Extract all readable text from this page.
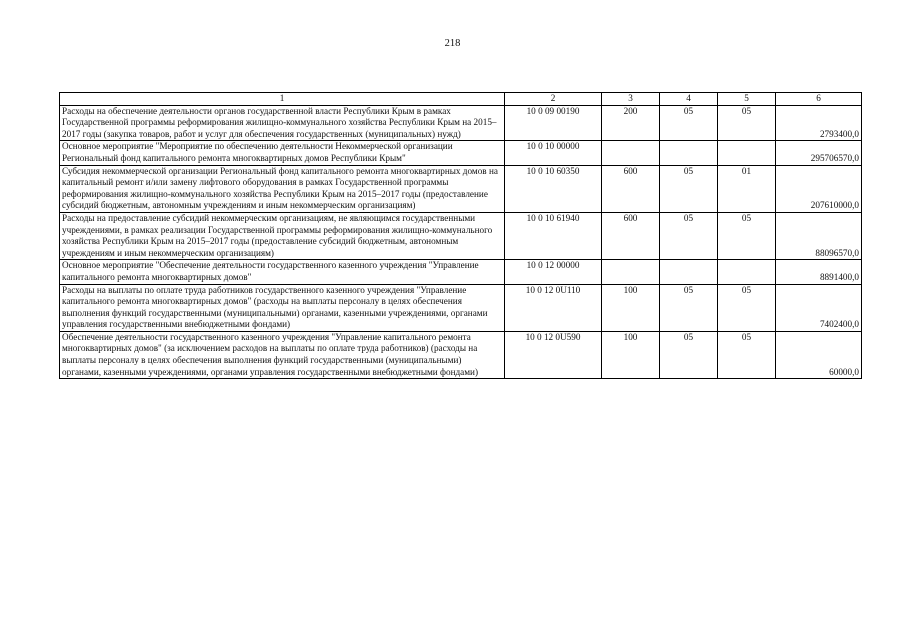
218
1	2	3	4	5	6
Расходы на обеспечение деятельности органов государственной власти Республики Крым в рамках Государственной программы реформирования жилищно-коммунального хозяйства Республики Крым на 2015–2017 годы (закупка товаров, работ и услуг для обеспечения государственных (муниципальных) нужд)	10 0 09 00190	200	05	05	2793400,0
Основное мероприятие "Мероприятие по обеспечению деятельности Некоммерческой организации Региональный фонд капитального ремонта многоквартирных домов Республики Крым"	10 0 10 00000				295706570,0
Субсидия некоммерческой организации Региональный фонд капитального ремонта многоквартирных домов на капитальный ремонт и/или замену лифтового оборудования в рамках Государственной программы реформирования жилищно-коммунального хозяйства Республики Крым на 2015–2017 годы (предоставление субсидий бюджетным, автономным учреждениям и иным некоммерческим организациям)	10 0 10 60350	600	05	01	207610000,0
Расходы на предоставление субсидий некоммерческим организациям, не являющимся государственными учреждениями, в рамках реализации Государственной программы реформирования жилищно-коммунального хозяйства Республики Крым на 2015–2017 годы (предоставление субсидий бюджетным, автономным учреждениям и иным некоммерческим организациям)	10 0 10 61940	600	05	05	88096570,0
Основное мероприятие "Обеспечение деятельности государственного казенного учреждения "Управление капитального ремонта многоквартирных домов"	10 0 12 00000				8891400,0
Расходы на выплаты по оплате труда работников государственного казенного учреждения "Управление капитального ремонта многоквартирных домов" (расходы на выплаты персоналу в целях обеспечения выполнения функций государственными (муниципальными) органами, казенными учреждениями, органами управления государственными внебюджетными фондами)	10 0 12 0U110	100	05	05	7402400,0
Обеспечение деятельности государственного казенного учреждения "Управление капитального ремонта многоквартирных домов" (за исключением расходов на выплаты по оплате труда работников) (расходы на выплаты персоналу в целях обеспечения выполнения функций государственными (муниципальными) органами, казенными учреждениями, органами управления государственными внебюджетными фондами)	10 0 12 0U590	100	05	05	60000,0
